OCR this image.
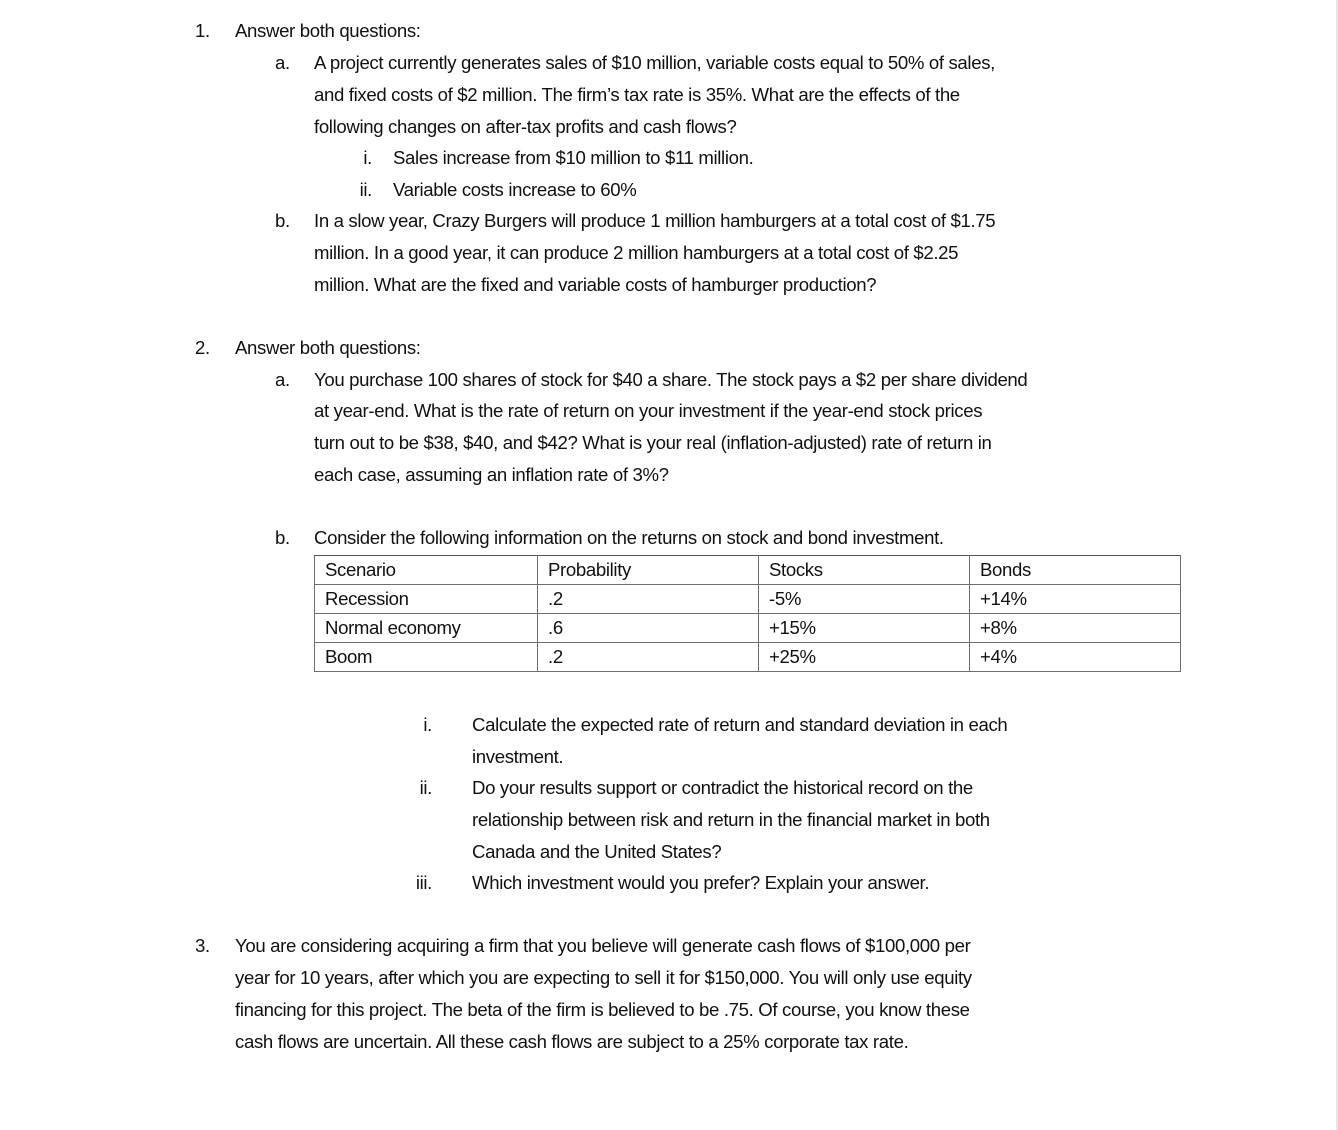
1. Answer both questions:
a. A project currently generates sales of $10 million, variable costs equal to 50% of sales,
and fixed costs of $2 million. The firm’s tax rate is 35%. What are the effects of the
following changes on after-tax profits and cash flows?
i. Sales increase from $10 million to $11 million.
ii. Variable costs increase to 60%
b. In a slow year, Crazy Burgers will produce 1 million hamburgers at a total cost of $1.75
million. In a good year, it can produce 2 million hamburgers at a total cost of $2.25
million. What are the fixed and variable costs of hamburger production?
2. Answer both questions:
a. You purchase 100 shares of stock for $40 a share. The stock pays a $2 per share dividend
at year-end. What is the rate of return on your investment if the year-end stock prices
turn out to be $38, $40, and $42? What is your real (inflation-adjusted) rate of return in
each case, assuming an inflation rate of 3%?
b. Consider the following information on the returns on stock and bond investment.
Scenario	Probability	Stocks	Bonds
Recession	.2	-5%	+14%
Normal economy	.6	+15%	+8%
Boom	.2	+25%	+4%
i. Calculate the expected rate of return and standard deviation in each
investment.
ii. Do your results support or contradict the historical record on the
relationship between risk and return in the financial market in both
Canada and the United States?
iii. Which investment would you prefer? Explain your answer.
3. You are considering acquiring a firm that you believe will generate cash flows of $100,000 per
year for 10 years, after which you are expecting to sell it for $150,000. You will only use equity
financing for this project. The beta of the firm is believed to be .75. Of course, you know these
cash flows are uncertain. All these cash flows are subject to a 25% corporate tax rate.
